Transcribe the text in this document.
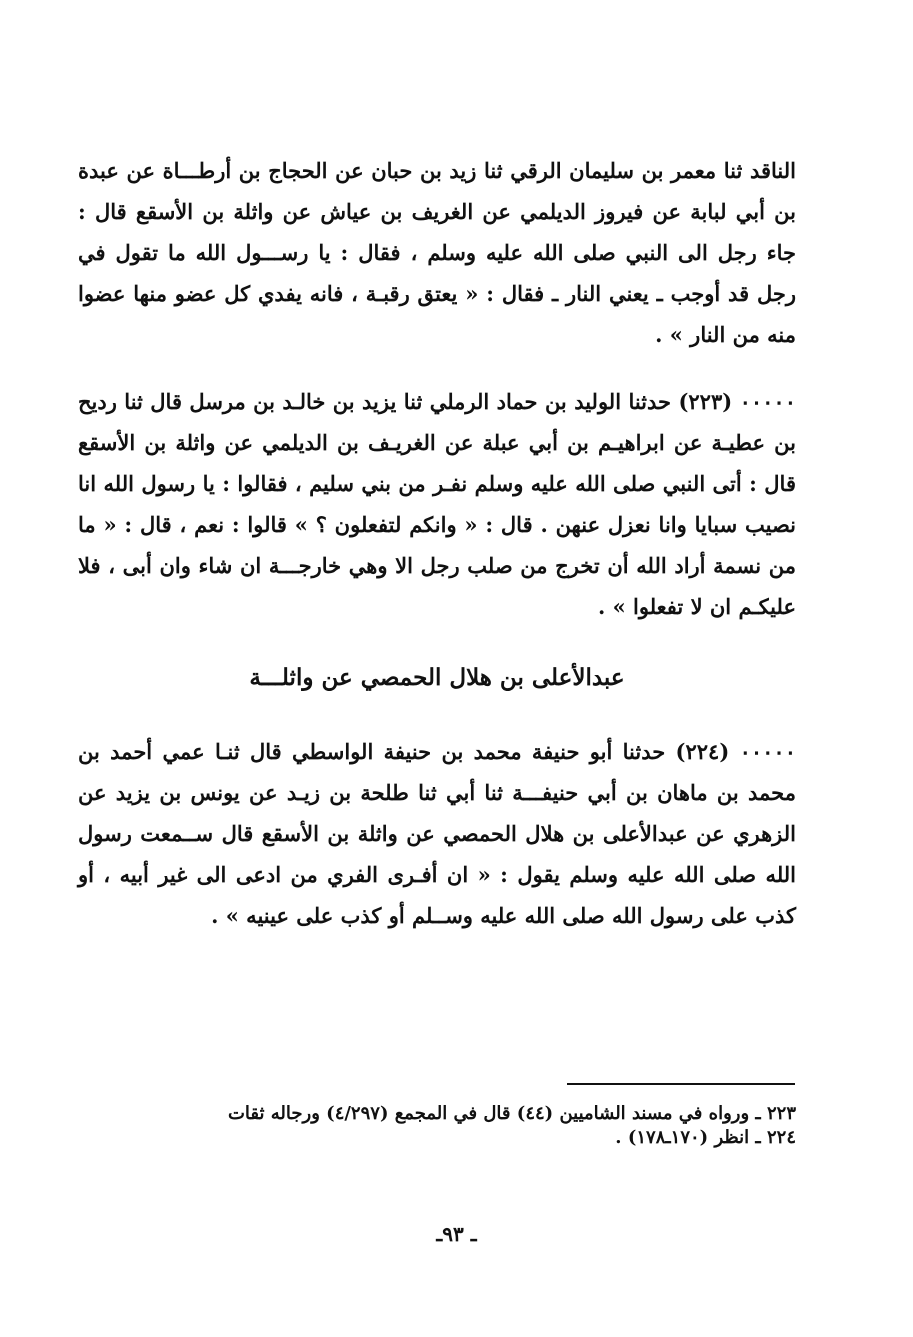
الناقد ثنا معمر بن سليمان الرقي ثنا زيد بن حبان عن الحجاج بن أرطـــاة عن عبدة بن أبي لبابة عن فيروز الديلمي عن الغريف بن عياش عن واثلة بن الأسقع قال : جاء رجل الى النبي صلى الله عليه وسلم ، فقال : يا رســـول الله ما تقول في رجل قد أوجب ـ يعني النار ـ فقال : « يعتق رقبـة ، فانه يفدي كل عضو منها عضوا منه من النار » .

٠٠٠٠٠ (٢٢٣) حدثنا الوليد بن حماد الرملي ثنا يزيد بن خالـد بن مرسل قال ثنا رديح بن عطيـة عن ابراهيـم بن أبي عبلة عن الغريـف بن الديلمي عن واثلة بن الأسقع قال : أتى النبي صلى الله عليه وسلم نفـر من بني سليم ، فقالوا : يا رسول الله انا نصيب سبايا وانا نعزل عنهن . قال : « وانكم لتفعلون ؟ » قالوا : نعم ، قال : « ما من نسمة أراد الله أن تخرج من صلب رجل الا وهي خارجـــة ان شاء وان أبى ، فلا عليكـم ان لا تفعلوا » .

عبدالأعلى بن هلال الحمصي عن واثلـــة

٠٠٠٠٠ (٢٢٤) حدثنا أبو حنيفة محمد بن حنيفة الواسطي قال ثنـا عمي أحمد بن محمد بن ماهان بن أبي حنيفـــة ثنا أبي ثنا طلحة بن زيـد عن يونس بن يزيد عن الزهري عن عبدالأعلى بن هلال الحمصي عن واثلة بن الأسقع قال ســمعت رسول الله صلى الله عليه وسلم يقول : « ان أفـرى الفري من ادعى الى غير أبيه ، أو كذب على رسول الله صلى الله عليه وســلم أو كذب على عينيه » .

٢٢٣ ـ ورواه في مسند الشاميين (٤٤) قال في المجمع (٤/٢٩٧) ورجاله ثقات

٢٢٤ ـ انظر (١٧٠ـ١٧٨) .

ـ ٩٣ـ
